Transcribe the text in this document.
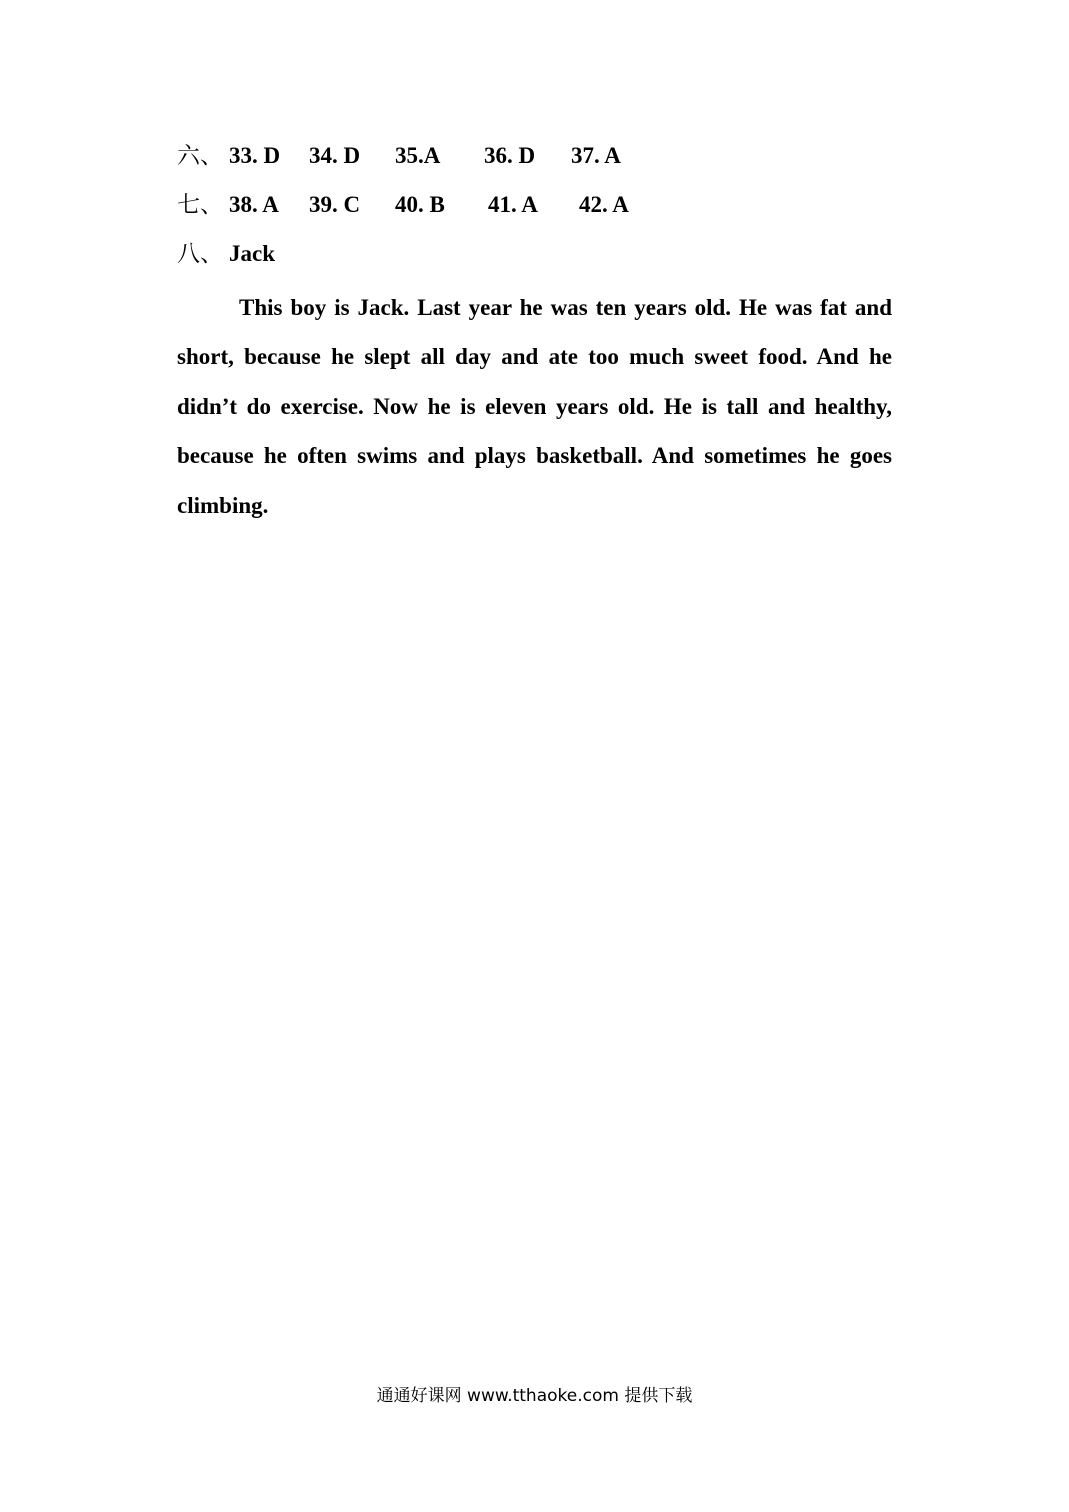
六、 33. D 34. D 35.A 36. D 37. A
七、 38. A 39. C 40. B 41. A 42. A
八、 Jack

This boy is Jack. Last year he was ten years old. He was fat and short, because he slept all day and ate too much sweet food. And he didn’t do exercise. Now he is eleven years old. He is tall and healthy, because he often swims and plays basketball. And sometimes he goes climbing.

通通好课网 www.tthaoke.com 提供下载
